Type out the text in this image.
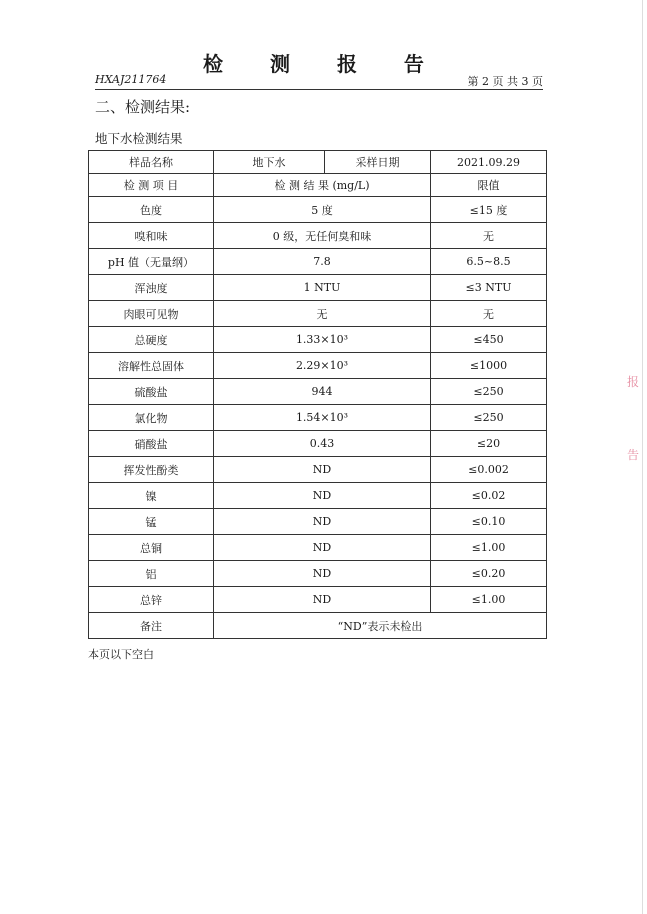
检 测 报 告
HXAJ211764	第 2 页 共 3 页
二、检测结果:
地下水检测结果
样品名称	地下水	采样日期	2021.09.29
检 测 项 目	检 测 结 果 (mg/L)		限值
色度	5 度		≤15 度
嗅和味	0 级，无任何臭和味		无
pH 值（无量纲）	7.8		6.5~8.5
浑浊度	1 NTU		≤3 NTU
肉眼可见物	无		无
总硬度	1.33×10³		≤450
溶解性总固体	2.29×10³		≤1000
硫酸盐	944		≤250
氯化物	1.54×10³		≤250
硝酸盐	0.43		≤20
挥发性酚类	ND		≤0.002
镍	ND		≤0.02
锰	ND		≤0.10
总铜	ND		≤1.00
铝	ND		≤0.20
总锌	ND		≤1.00
备注	“ND”表示未检出		
本页以下空白
报
告
